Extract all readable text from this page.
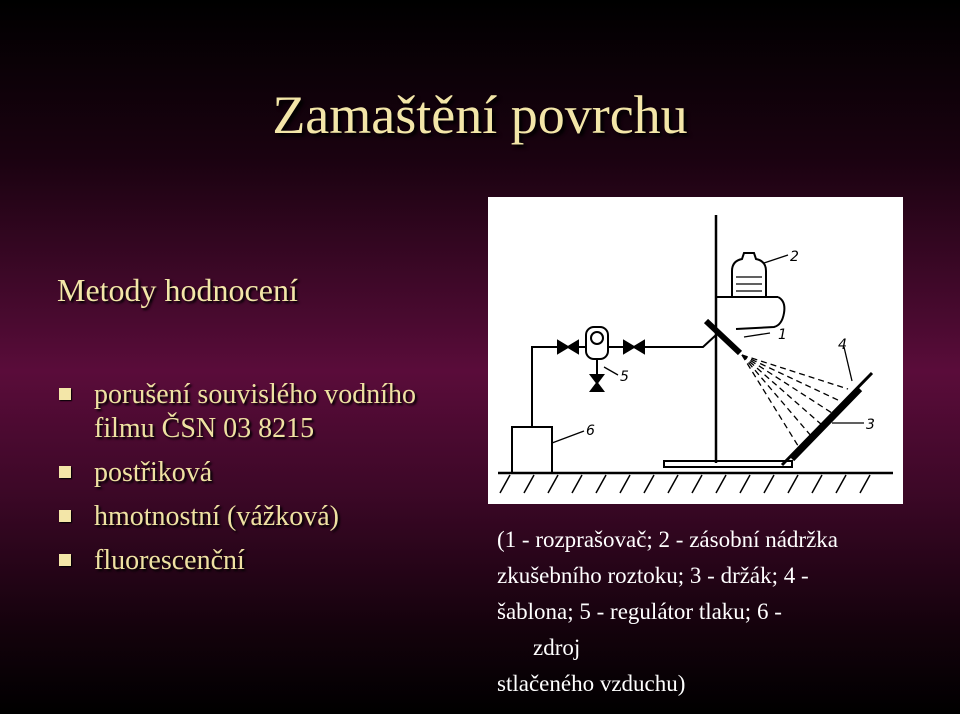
Zamaštění povrchu
Metody hodnocení
porušení souvislého vodního
filmu ČSN 03 8215
postřiková
hmotnostní (vážková)
fluorescenční
1
2
3
4
5
6
(1 - rozprašovač; 2 - zásobní nádržka
zkušebního roztoku; 3 - držák; 4 -
šablona; 5 - regulátor tlaku; 6 -
zdroj
stlačeného vzduchu)
